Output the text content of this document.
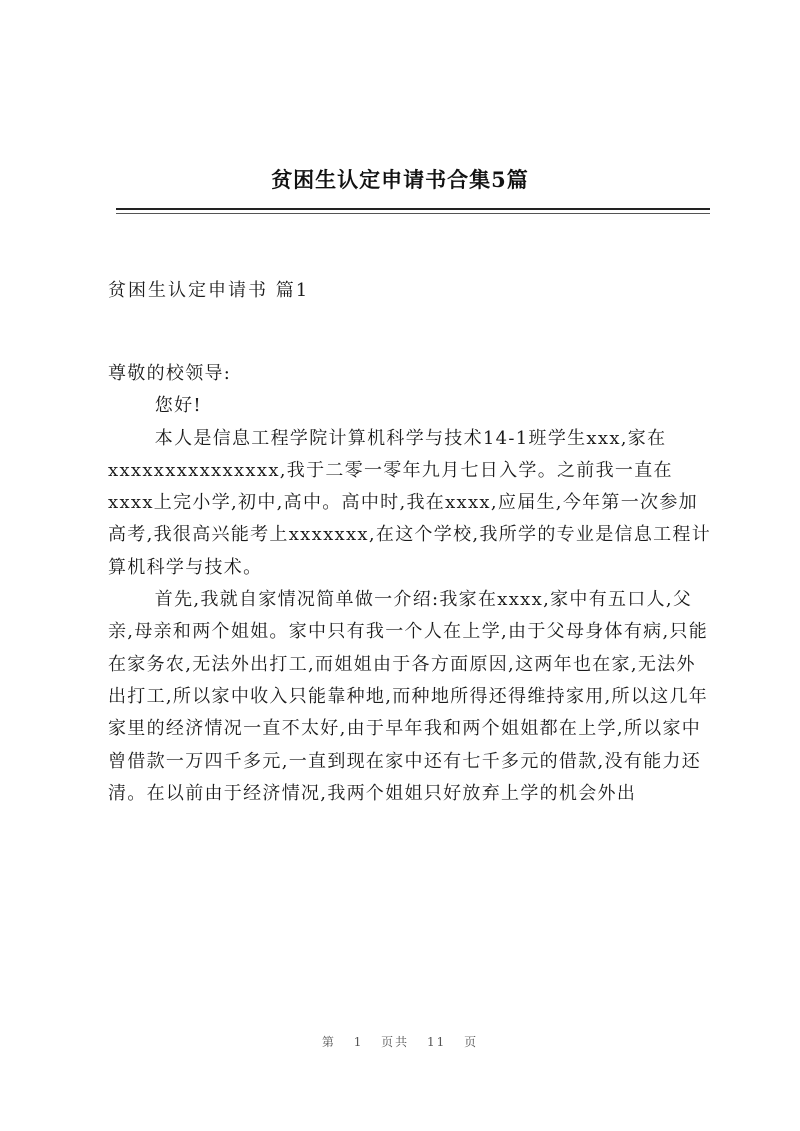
贫困生认定申请书合集5篇
贫困生认定申请书 篇1

尊敬的校领导:

您好!

本人是信息工程学院计算机科学与技术14-1班学生xxx,家在xxxxxxxxxxxxxxx,我于二零一零年九月七日入学。之前我一直在xxxx上完小学,初中,高中。高中时,我在xxxx,应届生,今年第一次参加高考,我很高兴能考上xxxxxxx,在这个学校,我所学的专业是信息工程计算机科学与技术。

首先,我就自家情况简单做一介绍:我家在xxxx,家中有五口人,父亲,母亲和两个姐姐。家中只有我一个人在上学,由于父母身体有病,只能在家务农,无法外出打工,而姐姐由于各方面原因,这两年也在家,无法外出打工,所以家中收入只能靠种地,而种地所得还得维持家用,所以这几年家里的经济情况一直不太好,由于早年我和两个姐姐都在上学,所以家中曾借款一万四千多元,一直到现在家中还有七千多元的借款,没有能力还清。在以前由于经济情况,我两个姐姐只好放弃上学的机会外出

第 1 页共 11 页
